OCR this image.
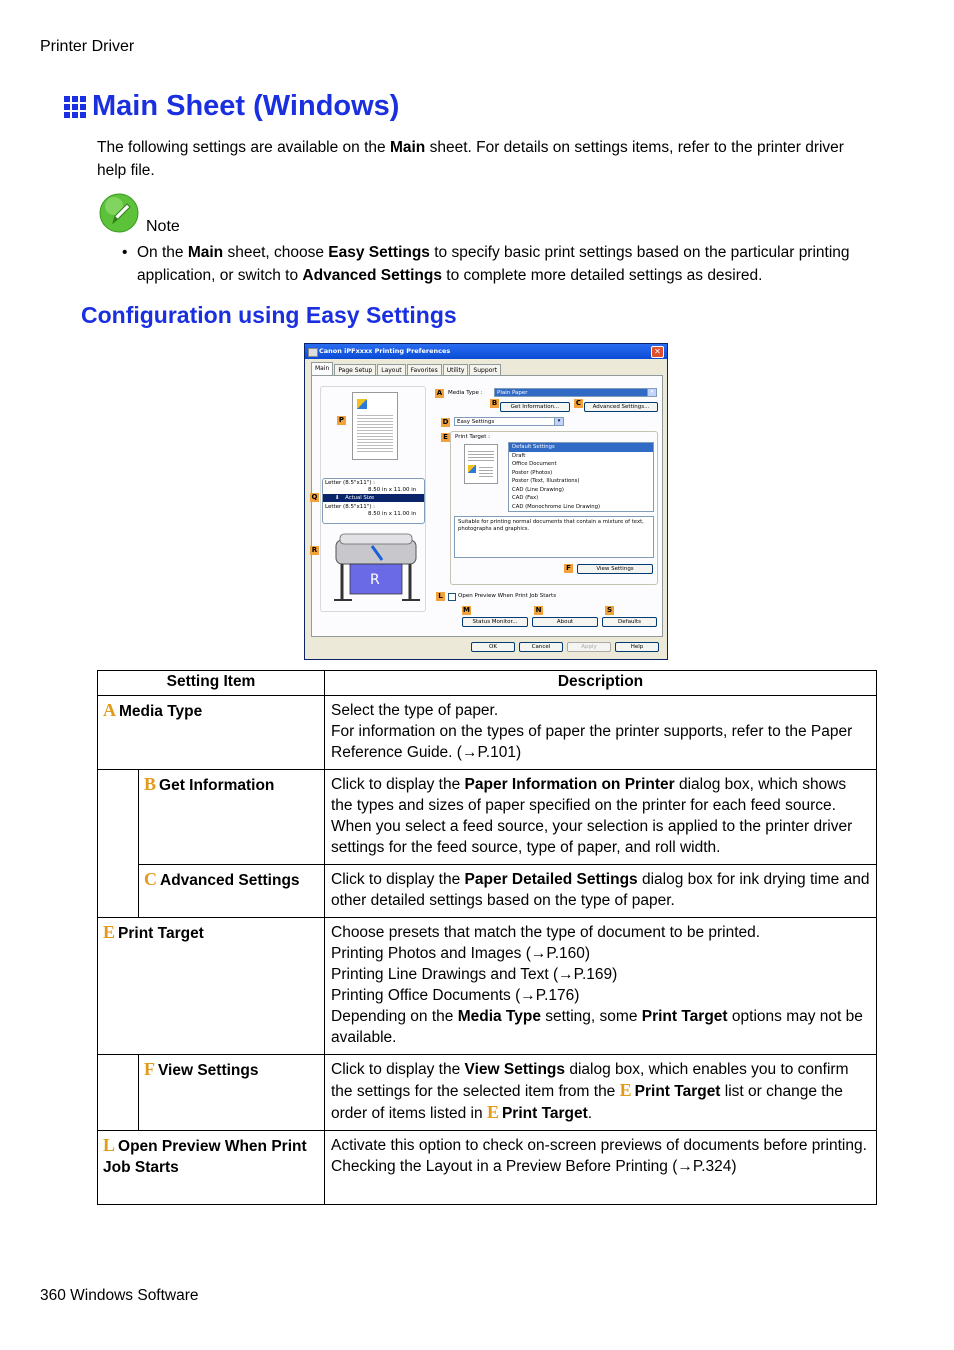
Printer Driver
Main Sheet (Windows)
The following settings are available on the Main sheet. For details on settings items, refer to the printer driver help file.
Note
• On the Main sheet, choose Easy Settings to specify basic print settings based on the particular printing application, or switch to Advanced Settings to complete more detailed settings as desired.
Configuration using Easy Settings
Canon iPFxxxx Printing Preferences	✕
Main	Page Setup	Layout	Favorites	Utility	Support
P
Letter (8.5"x11") :
8.50 in x 11.00 in
⬇ Actual Size
Letter (8.5"x11") :
8.50 in x 11.00 in
Q
R
R
A	Media Type :	Plain Paper	▾
B	Get Information...	C	Advanced Settings...
D	Easy Settings	▾
E	Print Target :
Default Settings
Draft
Office Document
Poster (Photos)
Poster (Text, Illustrations)
CAD (Line Drawing)
CAD (Fax)
CAD (Monochrome Line Drawing)
Suitable for printing normal documents that contain a mixture of text, photographs and graphics.
F	View Settings
L	Open Preview When Print Job Starts
M	N	S
Status Monitor...	About	Defaults
OK	Cancel	Apply	Help
Setting Item		Description
A Media Type		Select the type of paper.
For information on the types of paper the printer supports, refer to the Paper Reference Guide. (→P.101)
	B Get Information	Click to display the Paper Information on Printer dialog box, which shows the types and sizes of paper specified on the printer for each feed source. When you select a feed source, your selection is applied to the printer driver settings for the feed source, type of paper, and roll width.
	C Advanced Settings	Click to display the Paper Detailed Settings dialog box for ink drying time and other detailed settings based on the type of paper.
E Print Target		Choose presets that match the type of document to be printed.
Printing Photos and Images (→P.160)
Printing Line Drawings and Text (→P.169)
Printing Office Documents (→P.176)
Depending on the Media Type setting, some Print Target options may not be available.
	F View Settings	Click to display the View Settings dialog box, which enables you to confirm the settings for the selected item from the E Print Target list or change the order of items listed in E Print Target.
L Open Preview When Print Job Starts		Activate this option to check on-screen previews of documents before printing.
Checking the Layout in a Preview Before Printing (→P.324)
360 Windows Software
